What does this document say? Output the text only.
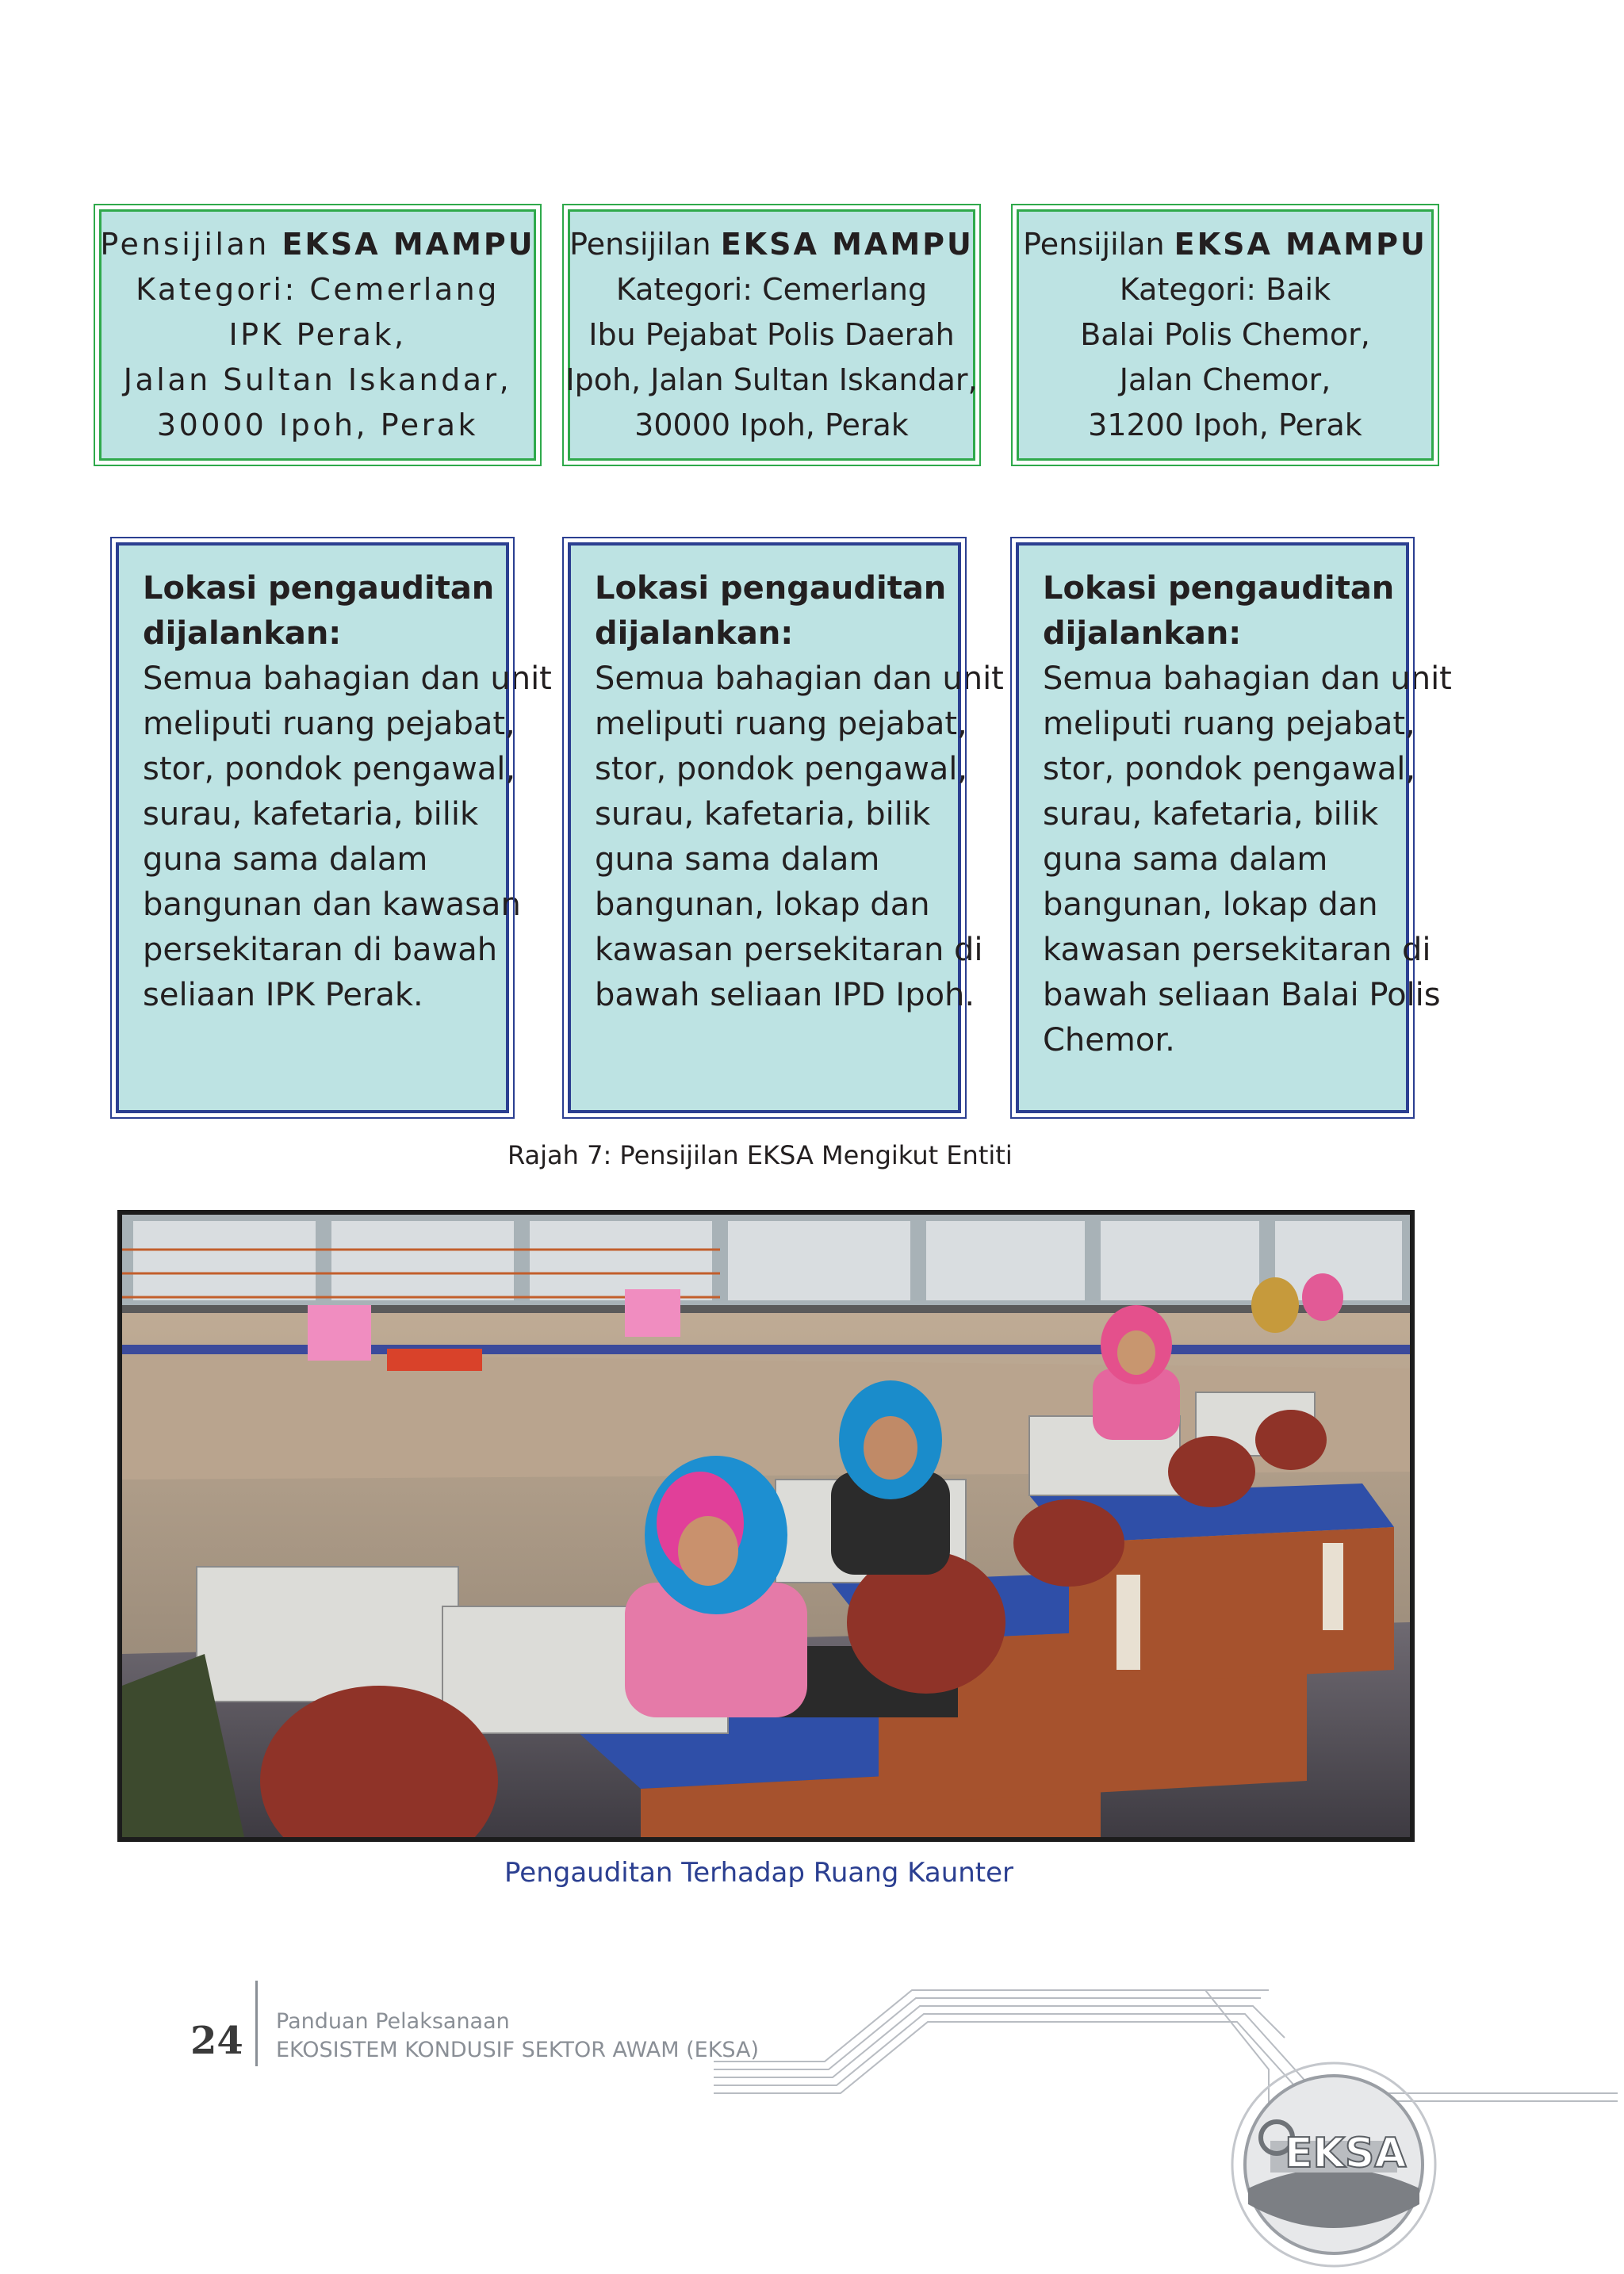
Pensijilan EKSA MAMPU
Kategori: Cemerlang
IPK Perak,
Jalan Sultan Iskandar,
30000 Ipoh, Perak
Pensijilan EKSA MAMPU
Kategori: Cemerlang
Ibu Pejabat Polis Daerah
Ipoh, Jalan Sultan Iskandar,
30000 Ipoh, Perak
Pensijilan EKSA MAMPU
Kategori: Baik
Balai Polis Chemor,
Jalan Chemor,
31200 Ipoh, Perak
Lokasi pengauditan
dijalankan:
Semua bahagian dan unit
meliputi ruang pejabat,
stor, pondok pengawal,
surau, kafetaria, bilik
guna sama dalam
bangunan dan kawasan
persekitaran di bawah
seliaan IPK Perak.
Lokasi pengauditan
dijalankan:
Semua bahagian dan unit
meliputi ruang pejabat,
stor, pondok pengawal,
surau, kafetaria, bilik
guna sama dalam
bangunan, lokap dan
kawasan persekitaran di
bawah seliaan IPD Ipoh.
Lokasi pengauditan
dijalankan:
Semua bahagian dan unit
meliputi ruang pejabat,
stor, pondok pengawal,
surau, kafetaria, bilik
guna sama dalam
bangunan, lokap dan
kawasan persekitaran di
bawah seliaan Balai Polis
Chemor.
Rajah 7: Pensijilan EKSA Mengikut Entiti
Pengauditan Terhadap Ruang Kaunter
24 Panduan Pelaksanaan
EKOSISTEM KONDUSIF SEKTOR AWAM (EKSA)
EKSA
